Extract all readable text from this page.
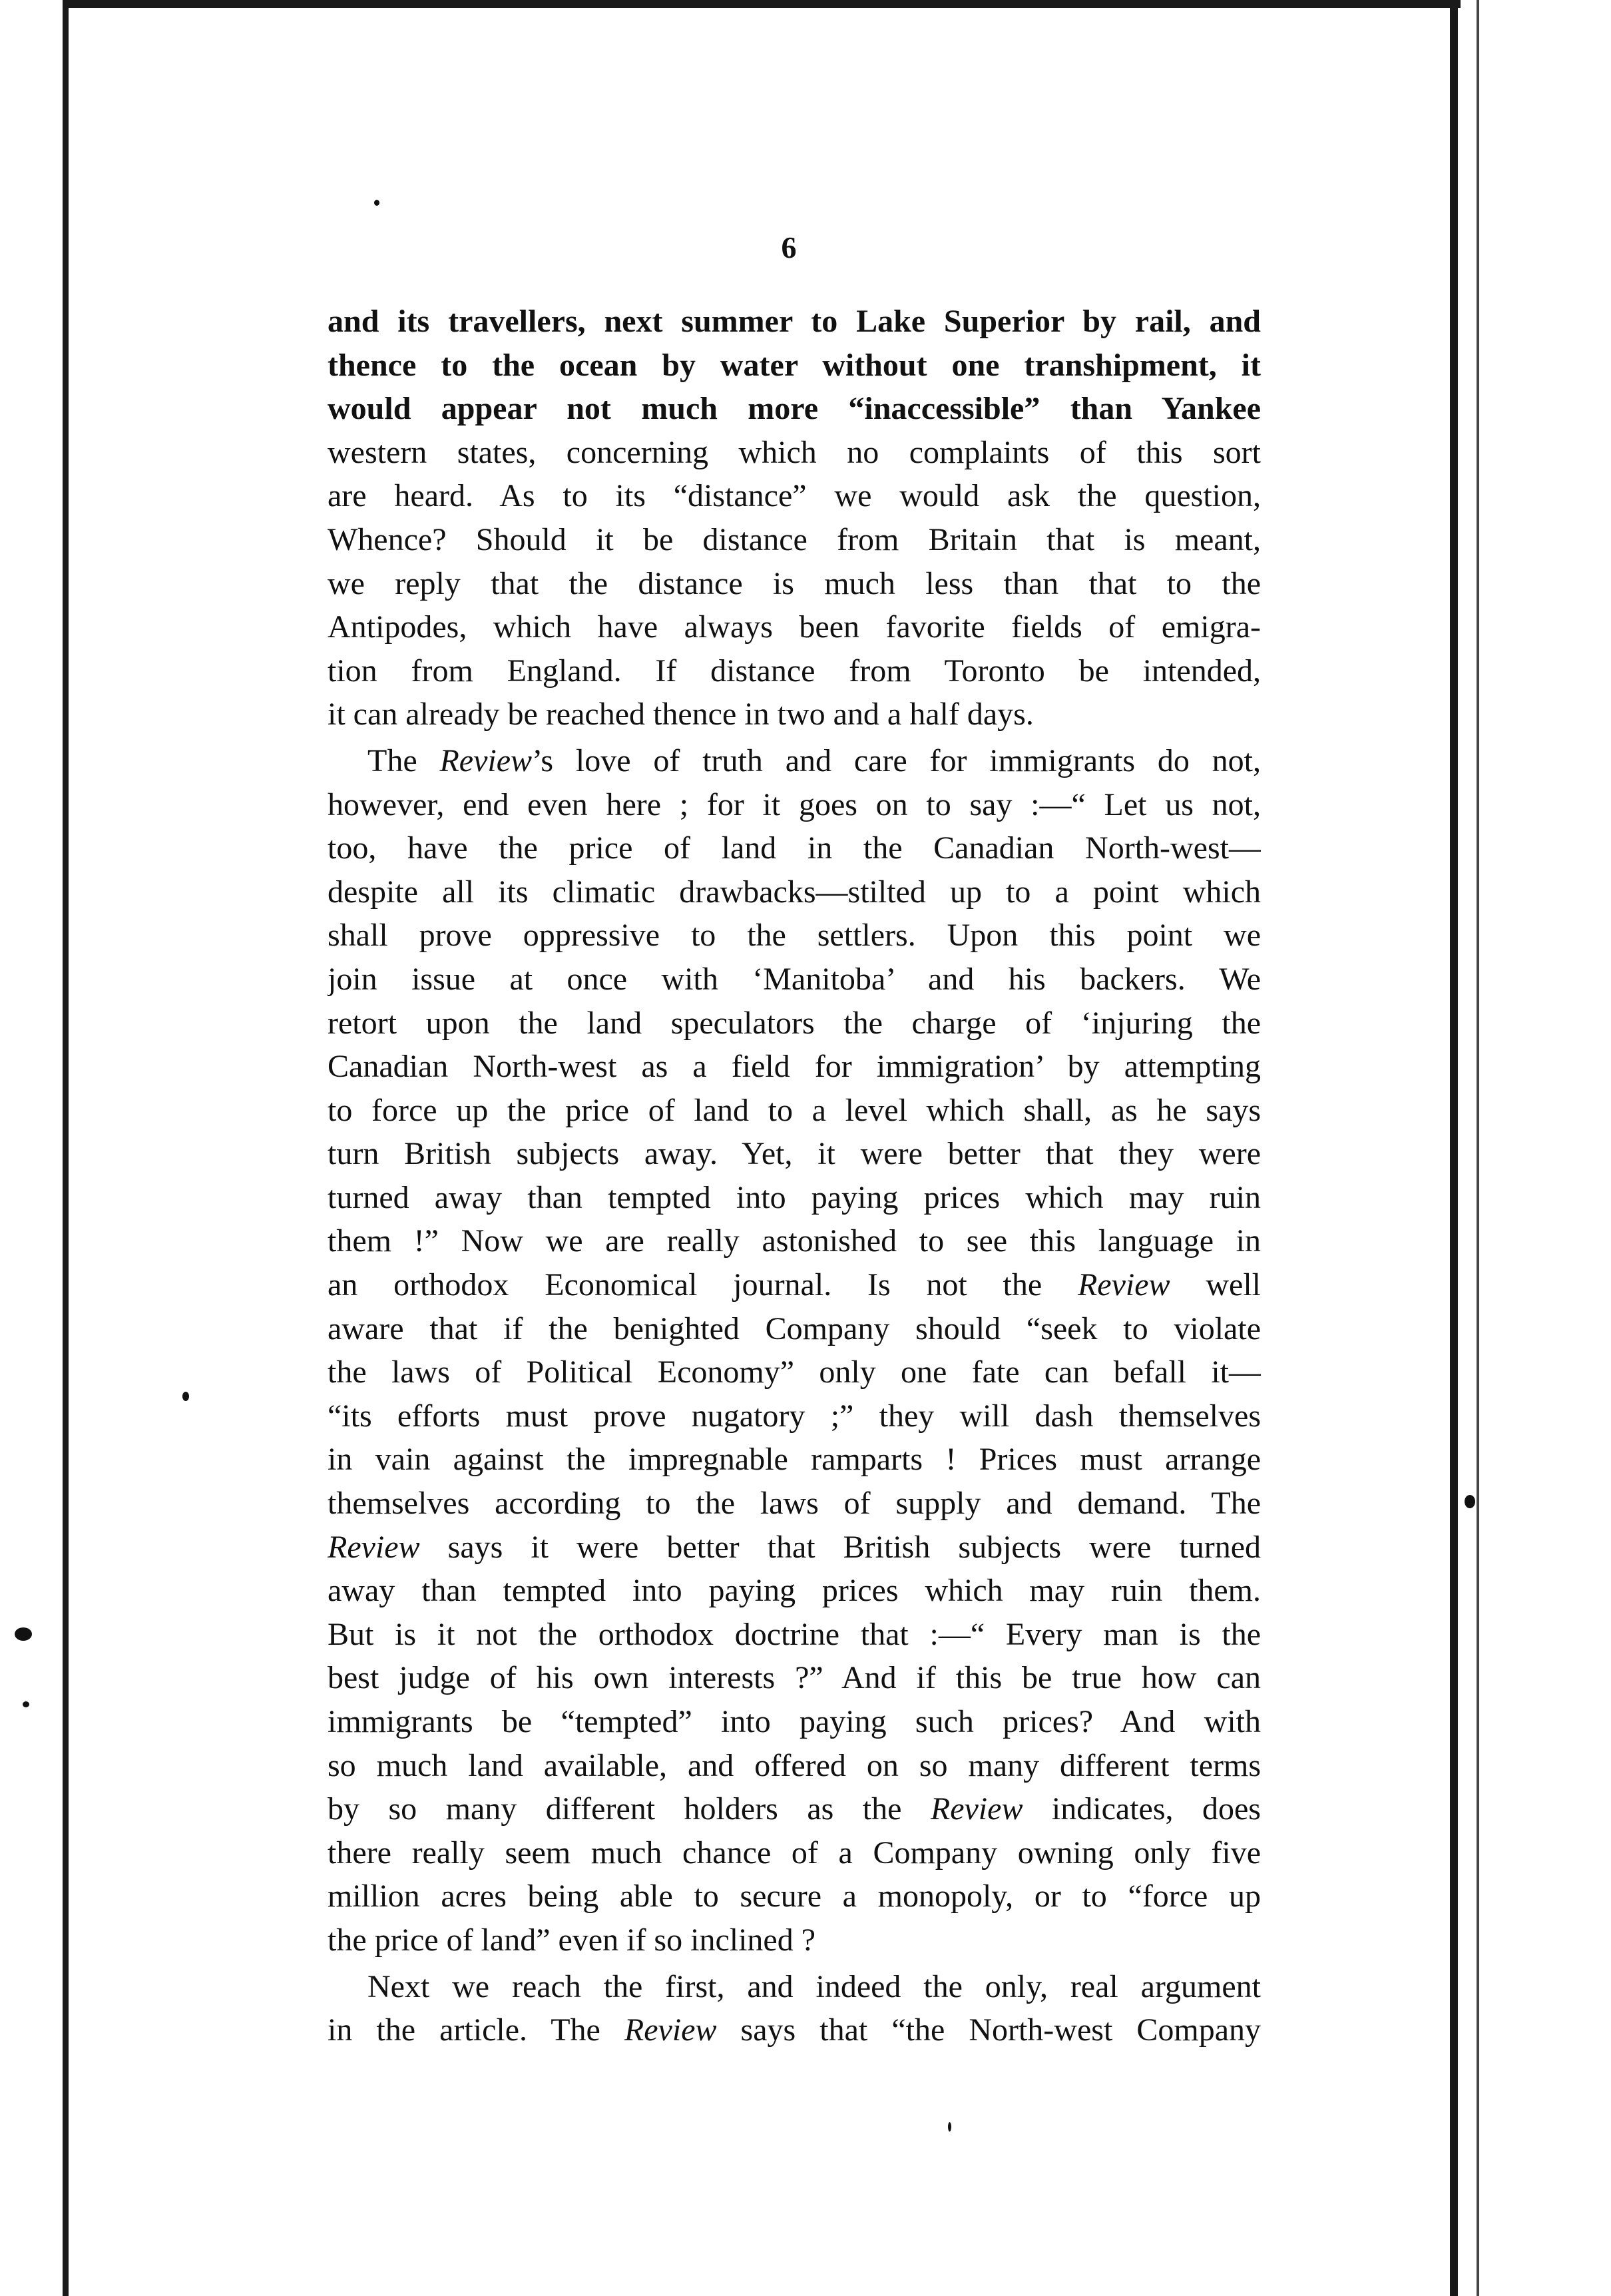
6
and its travellers, next summer to Lake Superior by rail, and
thence to the ocean by water without one transhipment, it
would appear not much more “inaccessible” than Yankee
western states, concerning which no complaints of this sort
are heard. As to its “distance” we would ask the question,
Whence? Should it be distance from Britain that is meant,
we reply that the distance is much less than that to the
Antipodes, which have always been favorite fields of emigra-
tion from England. If distance from Toronto be intended,
it can already be reached thence in two and a half days.
The Review’s love of truth and care for immigrants do not,
however, end even here ; for it goes on to say :—“ Let us not,
too, have the price of land in the Canadian North-west—
despite all its climatic drawbacks—stilted up to a point which
shall prove oppressive to the settlers. Upon this point we
join issue at once with ‘Manitoba’ and his backers. We
retort upon the land speculators the charge of ‘injuring the
Canadian North-west as a field for immigration’ by attempting
to force up the price of land to a level which shall, as he says
turn British subjects away. Yet, it were better that they were
turned away than tempted into paying prices which may ruin
them !” Now we are really astonished to see this language in
an orthodox Economical journal. Is not the Review well
aware that if the benighted Company should “seek to violate
the laws of Political Economy” only one fate can befall it—
“its efforts must prove nugatory ;” they will dash themselves
in vain against the impregnable ramparts ! Prices must arrange
themselves according to the laws of supply and demand. The
Review says it were better that British subjects were turned
away than tempted into paying prices which may ruin them.
But is it not the orthodox doctrine that :—“ Every man is the
best judge of his own interests ?” And if this be true how can
immigrants be “tempted” into paying such prices? And with
so much land available, and offered on so many different terms
by so many different holders as the Review indicates, does
there really seem much chance of a Company owning only five
million acres being able to secure a monopoly, or to “force up
the price of land” even if so inclined ?
Next we reach the first, and indeed the only, real argument
in the article. The Review says that “the North-west Company
